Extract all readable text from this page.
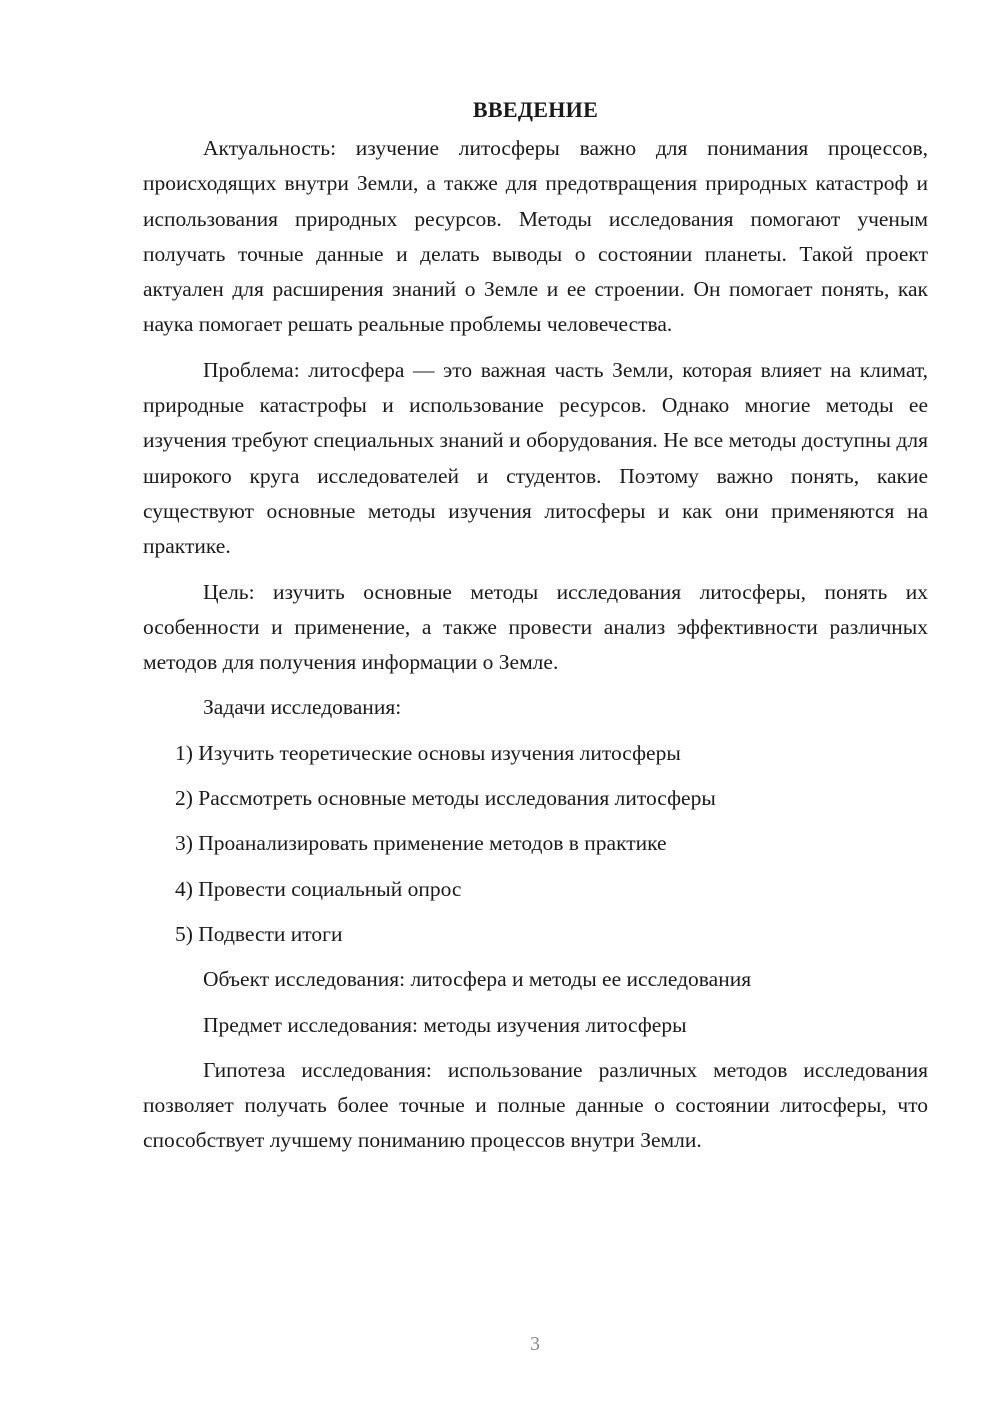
ВВЕДЕНИЕ

Актуальность: изучение литосферы важно для понимания процессов, происходящих внутри Земли, а также для предотвращения природных катастроф и использования природных ресурсов. Методы исследования помогают ученым получать точные данные и делать выводы о состоянии планеты. Такой проект актуален для расширения знаний о Земле и ее строении. Он помогает понять, как наука помогает решать реальные проблемы человечества.

Проблема: литосфера — это важная часть Земли, которая влияет на климат, природные катастрофы и использование ресурсов. Однако многие методы ее изучения требуют специальных знаний и оборудования. Не все методы доступны для широкого круга исследователей и студентов. Поэтому важно понять, какие существуют основные методы изучения литосферы и как они применяются на практике.

Цель: изучить основные методы исследования литосферы, понять их особенности и применение, а также провести анализ эффективности различных методов для получения информации о Земле.

Задачи исследования:

1) Изучить теоретические основы изучения литосферы
2) Рассмотреть основные методы исследования литосферы
3) Проанализировать применение методов в практике
4) Провести социальный опрос
5) Подвести итоги

Объект исследования: литосфера и методы ее исследования

Предмет исследования: методы изучения литосферы

Гипотеза исследования: использование различных методов исследования позволяет получать более точные и полные данные о состоянии литосферы, что способствует лучшему пониманию процессов внутри Земли.

3
